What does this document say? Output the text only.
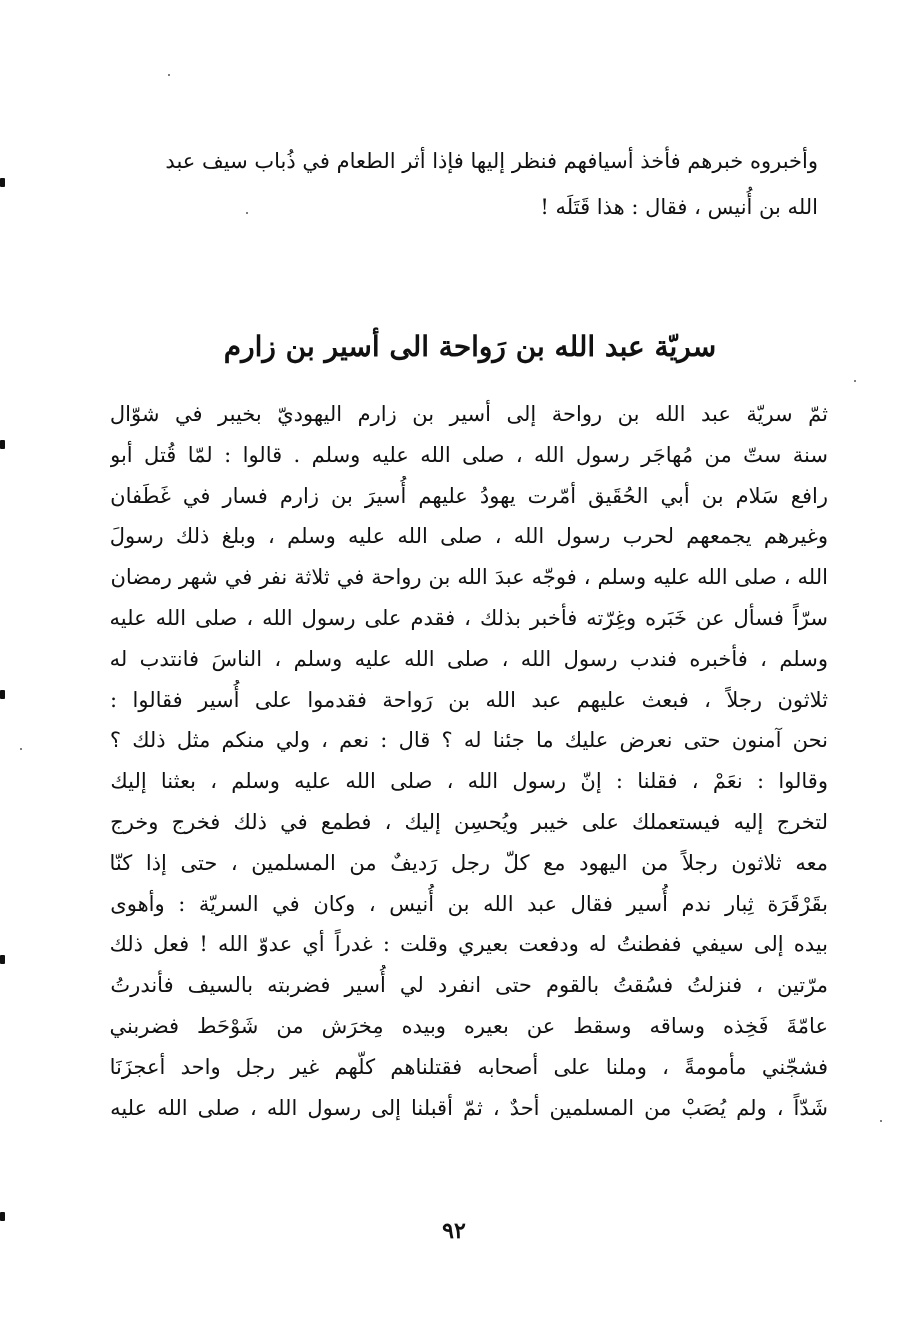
وأخبروه خبرهم فأخذ أسيافهم فنظر إليها فإذا أثر الطعام في ذُباب سيف عبد

الله بن أُنيس ، فقال : هذا قَتَلَه !

سريّة عبد الله بن رَواحة الى أسير بن زارم
ثمّ سريّة عبد الله بن رواحة إلى أسير بن زارم اليهوديّ بخيبر في شوّال
سنة ستّ من مُهاجَر رسول الله ، صلى الله عليه وسلم . قالوا : لمّا قُتل أبو
رافع سَلام بن أبي الحُقَيق أمّرت يهودُ عليهم أُسيرَ بن زارم فسار في غَطَفان
وغيرهم يجمعهم لحرب رسول الله ، صلى الله عليه وسلم ، وبلغ ذلك رسولَ
الله ، صلى الله عليه وسلم ، فوجّه عبدَ الله بن رواحة في ثلاثة نفر في شهر رمضان
سرّاً فسأل عن خَبَره وغِرّته فأخبر بذلك ، فقدم على رسول الله ، صلى الله عليه
وسلم ، فأخبره فندب رسول الله ، صلى الله عليه وسلم ، الناسَ فانتدب له
ثلاثون رجلاً ، فبعث عليهم عبد الله بن رَواحة فقدموا على أُسير فقالوا :
نحن آمنون حتى نعرض عليك ما جئنا له ؟ قال : نعم ، ولي منكم مثل ذلك ؟
وقالوا : نعَمْ ، فقلنا : إنّ رسول الله ، صلى الله عليه وسلم ، بعثنا إليك
لتخرج إليه فيستعملك على خيبر ويُحسِن إليك ، فطمع في ذلك فخرج وخرج
معه ثلاثون رجلاً من اليهود مع كلّ رجل رَديفٌ من المسلمين ، حتى إذا كنّا
بقَرْقَرَة ثِبار ندم أُسير فقال عبد الله بن أُنيس ، وكان في السريّة : وأهوى
بيده إلى سيفي ففطنتُ له ودفعت بعيري وقلت : غدراً أي عدوّ الله ! فعل ذلك
مرّتين ، فنزلتُ فسُقتُ بالقوم حتى انفرد لي أُسير فضربته بالسيف فأندرتُ
عامّةَ فَخِذه وساقه وسقط عن بعيره وبيده مِخرَش من شَوْحَط فضربني
فشجّني مأمومةً ، وملنا على أصحابه فقتلناهم كلّهم غير رجل واحد أعجزَنَا
شَدّاً ، ولم يُصَبْ من المسلمين أحدٌ ، ثمّ أقبلنا إلى رسول الله ، صلى الله عليه
٩٢
